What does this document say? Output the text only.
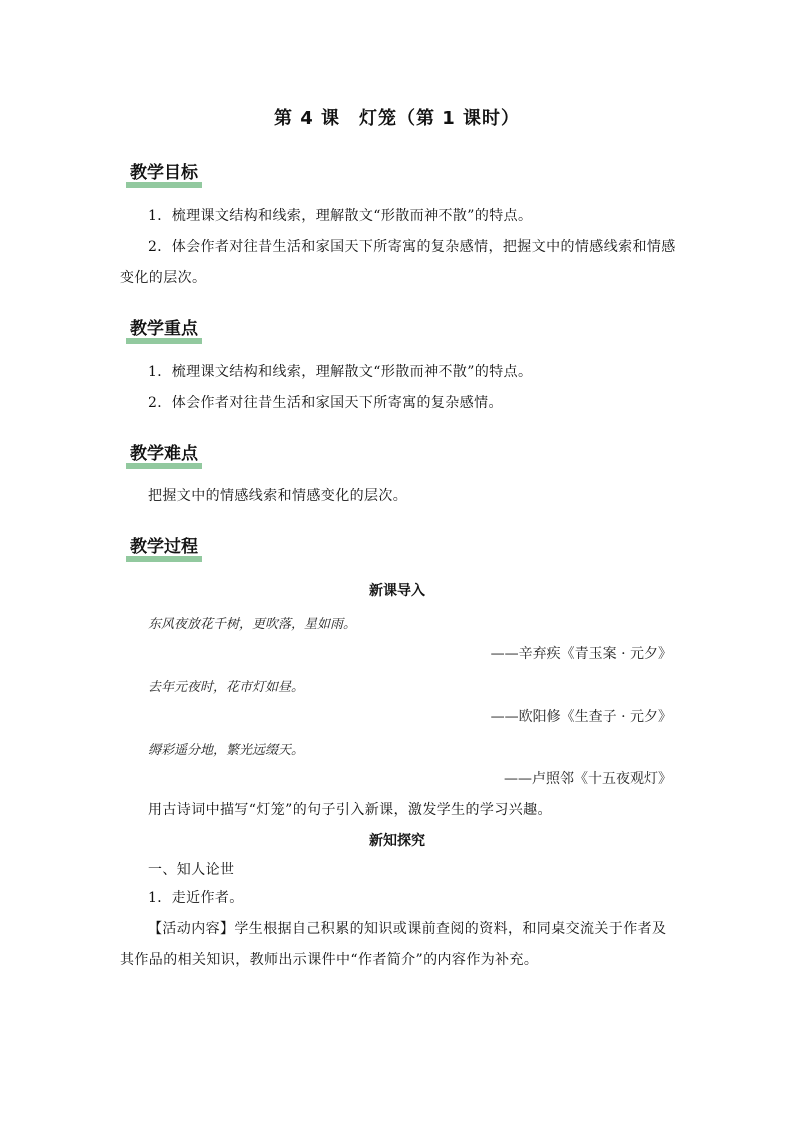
第 4 课　灯笼（第 1 课时）
教学目标
1．梳理课文结构和线索，理解散文“形散而神不散”的特点。
2．体会作者对往昔生活和家国天下所寄寓的复杂感情，把握文中的情感线索和情感变化的层次。
教学重点
1．梳理课文结构和线索，理解散文“形散而神不散”的特点。
2．体会作者对往昔生活和家国天下所寄寓的复杂感情。
教学难点
把握文中的情感线索和情感变化的层次。
教学过程
新课导入
东风夜放花千树，更吹落，星如雨。
——辛弃疾《青玉案 · 元夕》
去年元夜时，花市灯如昼。
——欧阳修《生查子 · 元夕》
缛彩遥分地，繁光远缀天。
——卢照邻《十五夜观灯》
用古诗词中描写“灯笼”的句子引入新课，激发学生的学习兴趣。
新知探究
一、知人论世
1．走近作者。
【活动内容】学生根据自己积累的知识或课前查阅的资料，和同桌交流关于作者及其作品的相关知识，教师出示课件中“作者简介”的内容作为补充。
